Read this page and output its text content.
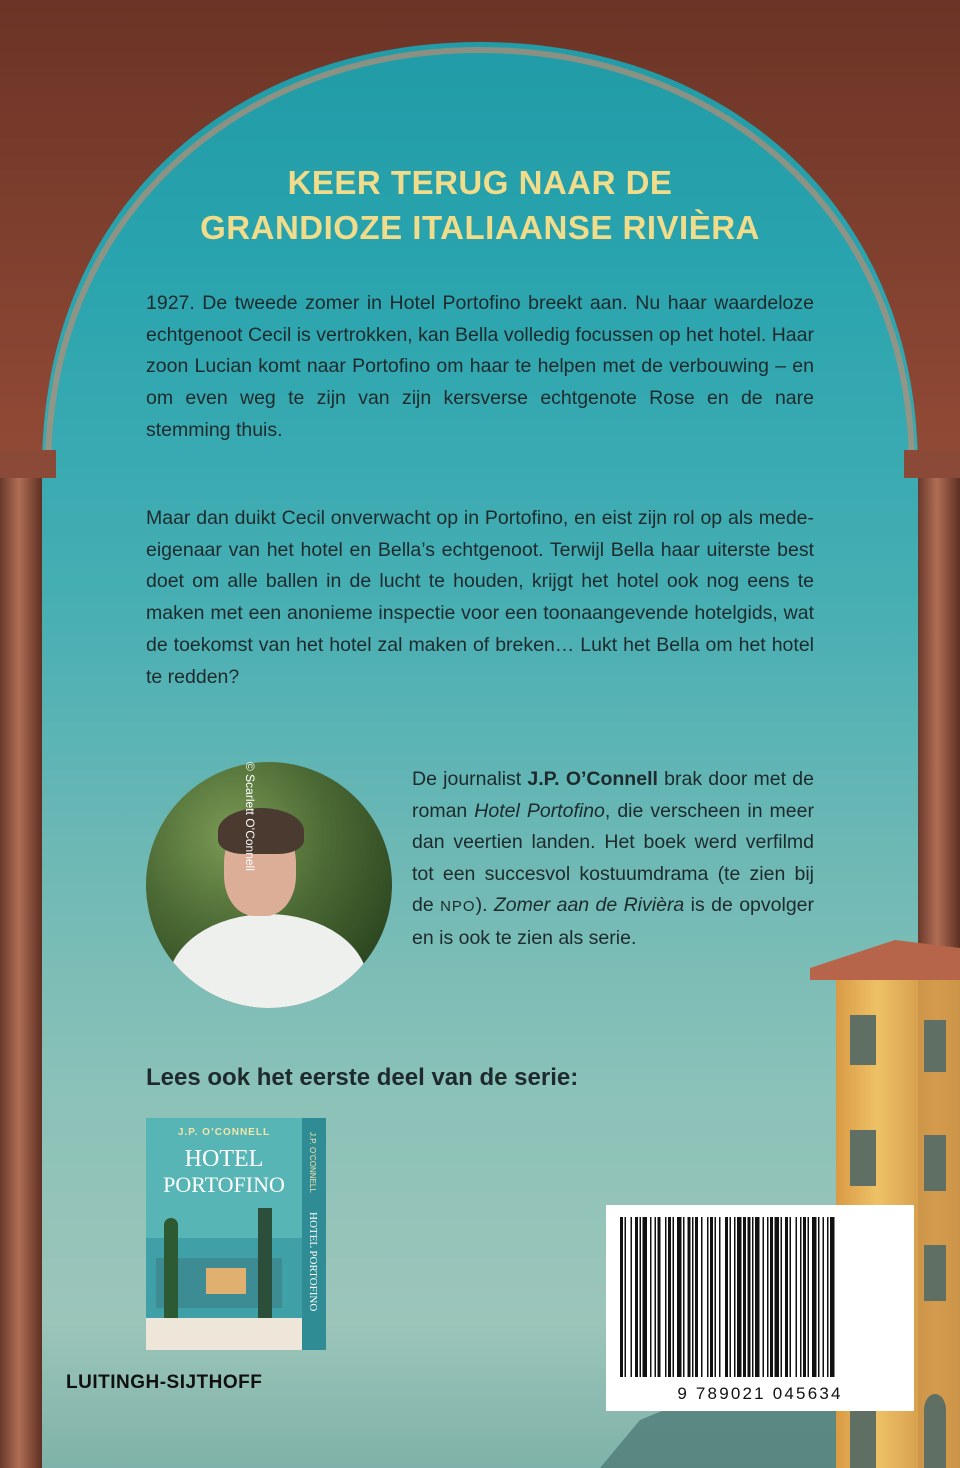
KEER TERUG NAAR DE
GRANDIOZE ITALIAANSE RIVIÈRA

1927. De tweede zomer in Hotel Portofino breekt aan. Nu haar waardeloze echtgenoot Cecil is vertrokken, kan Bella volledig focussen op het hotel. Haar zoon Lucian komt naar Portofino om haar te helpen met de verbouwing – en om even weg te zijn van zijn kersverse echtgenote Rose en de nare stemming thuis.

Maar dan duikt Cecil onverwacht op in Portofino, en eist zijn rol op als mede-eigenaar van het hotel en Bella’s echtgenoot. Terwijl Bella haar uiterste best doet om alle ballen in de lucht te houden, krijgt het hotel ook nog eens te maken met een anonieme inspectie voor een toonaangevende hotelgids, wat de toekomst van het hotel zal maken of breken… Lukt het Bella om het hotel te redden?

© Scarlett O’Connell	De journalist J.P. O’Connell brak door met de roman Hotel Portofino, die verscheen in meer dan veertien landen. Het boek werd verfilmd tot een succesvol kostuumdrama (te zien bij de NPO). Zomer aan de Rivièra is de opvolger en is ook te zien als serie.

Lees ook het eerste deel van de serie:

J.P. O’CONNELL
HOTEL
PORTOFINO	J.P. O’CONNELL
HOTEL PORTOFINO
9 789021 045634
LUITINGH-SIJTHOFF
